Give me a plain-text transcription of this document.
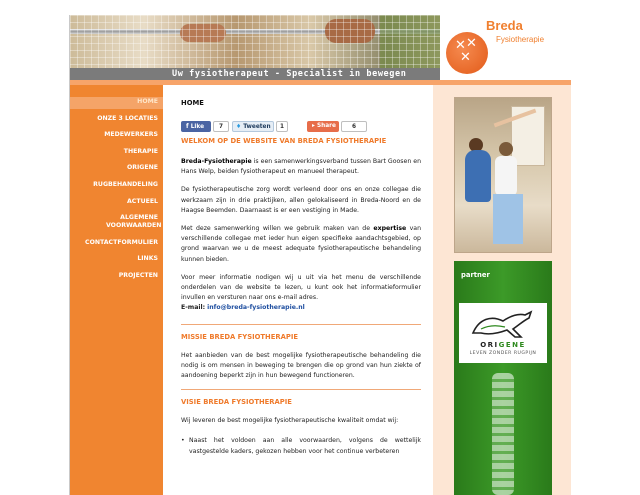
Uw fysiotherapeut - Specialist in bewegen
✕ ✕
✕
Breda
Fysiotherapie
HOME
ONZE 3 LOCATIES
MEDEWERKERS
THERAPIE
ORIGENE
RUGBEHANDELING
ACTUEEL
ALGEMENE VOORWAARDEN
CONTACTFORMULIER
LINKS
PROJECTEN
HOME
f Like	7	♦ Tweeten	1	▸ Share	6
WELKOM OP DE WEBSITE VAN BREDA FYSIOTHERAPIE

Breda-Fysiotherapie is een samenwerkingsverband tussen Bart Goosen en Hans Welp, beiden fysiotherapeut en manueel therapeut.

De fysiotherapeutische zorg wordt verleend door ons en onze collegae die werkzaam zijn in drie praktijken, allen gelokaliseerd in Breda-Noord en de Haagse Beemden. Daarnaast is er een vestiging in Made.

Met deze samenwerking willen we gebruik maken van de expertise van verschillende collegae met ieder hun eigen specifieke aandachtsgebied, op grond waarvan we u de meest adequate fysiotherapeutische behandeling kunnen bieden.

Voor meer informatie nodigen wij u uit via het menu de verschillende onderdelen van de website te lezen, u kunt ook het informatieformulier invullen en versturen naar ons e-mail adres.

E-mail: info@breda-fysiotherapie.nl
MISSIE BREDA FYSIOTHERAPIE

Het aanbieden van de best mogelijke fysiotherapeutische behandeling die nodig is om mensen in beweging te brengen die op grond van hun ziekte of aandoening beperkt zijn in hun bewegend functioneren.

VISIE BREDA FYSIOTHERAPIE

Wij leveren de best mogelijke fysiotherapeutische kwaliteit omdat wij:

• Naast het voldoen aan alle voorwaarden, volgens de wettelijk vastgestelde kaders, gekozen hebben voor het continue verbeteren
partner
ORIGENE
LEVEN ZONDER RUGPIJN
